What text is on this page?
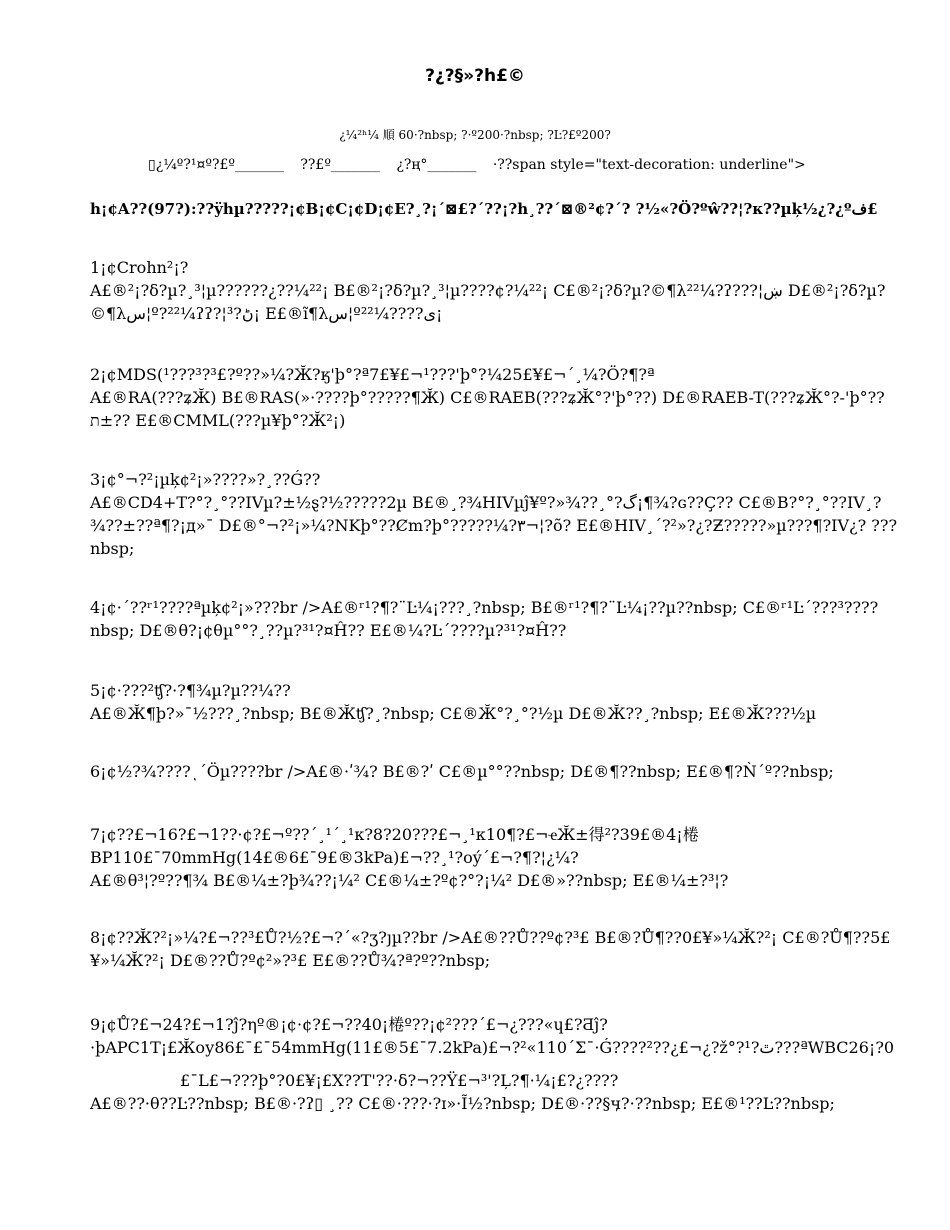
?¿?§»?h£©
¿¼²ʰ¼ 順 60·?nbsp; ?·º200·?nbsp; ?Ŀ?£º200?
▯¿¼º?¹¤º?£º_______ ??£º_______ ¿?ң°_______ ·??span style="text-decoration: underline">
h¡¢A??(97?):??ÿhµ?????¡¢B¡¢C¡¢D¡¢E?¸?¡´⊠£?´??¡?h¸??´⊠®²¢?´? ?½«?Ö?ºŵ??¦?к??µķ½¿?¿ºف£
1¡¢Crohn²¡?
A£®²¡?δ?µ?¸³¦µ??????¿??¼²²¡ B£®²¡?δ?µ?¸³¦µ????¢?¼²²¡ C£®²¡?δ?µ?©¶λ²²¼?ʔ???¦ښ D£®²¡?δ?µ?©¶λس¦º?²²¼ʔʔ?¦³?ڻ¡ E£®ĩ¶λس¦ºﻯ????¼²²¡
2¡¢MDS(¹???³?³£?º??»¼?Ӂ?ӄ'þ°?ª7£¥£¬¹???'þ°?¼25£¥£¬´¸¼?Ö?¶?ª
A£®RA(???ʑӁ) B£®RAS(»·????þ°?????¶Ӂ) C£®RAEB(???ʑӁ°?'þ°??) D£®RAEB-T(???ʑӁ°?-'þ°??ת±?? E£®CMML(???µ¥þ°?Ӂ²¡)
3¡¢°¬?²¡µķ¢²¡»????»?¸??Ǵ??
A£®CD4+T?°?¸°??IVµ?±½ȿ?½?????2µ B£®¸?¾HIVµĵ¥º?»¾??¸°?گ¡¶¾?ɢ??Ç?? C£®B?°?¸°??IV¸?¾??±??ª¶?¡д»¯ D£®°¬?²¡»¼?NKþ°??Ȼm?þ°?????¼?٣¬¦?õ? E£®HIV¸´?²»?¿?Ƶ?????»µ???¶?IV¿? ??? nbsp;
4¡¢·´??ʳ¹????ªµķ¢²¡»???br />A£®ʳ¹?¶?¨Ŀ¼¡???¸?nbsp; B£®ʳ¹?¶?¨Ŀ¼¡??µ??nbsp; C£®ʳ¹Ŀ´???³???? nbsp; D£®θ?¡¢θµ°°?¸??µ?³¹?¤Ĥ?? E£®¼?Ŀ´????µ?³¹?¤Ĥ??
5¡¢·???²ʧ?·?¶¾µ?µ??¼??
A£®Ӂ¶þ?»¯½???¸?nbsp; B£®Ӂʧ?¸?nbsp; C£®Ӂ°?¸°?½µ D£®Ӂ??¸?nbsp; E£®Ӂ???½µ
6¡¢½?¾????ͺ´Öµ????br />A£®·ʹ¾? B£®?ʹ C£®µ°°??nbsp; D£®¶??nbsp; E£®¶?Ǹ´º??nbsp;
7¡¢??£¬16?£¬1??·¢?£¬º??´¸¹´¸¹к?8?20???£¬¸¹к10¶?£¬ҽӁ±得²?39£®4¡棬
BP110£¯70mmHg(14£®6£¯9£®3kPa)£¬??¸¹?оý´£¬?¶?¦¿¼?
A£®θ³¦?º??¶¾ B£®¼±?þ¾??¡¼² C£®¼±?º¢?°?¡¼² D£®»??nbsp; E£®¼±?³¦?
8¡¢??Ӂ?²¡»¼?£¬??³£Ů?½?£¬?´«?ʒ?յµ??br />A£®??Ů??º¢?³£ B£®?Ů¶??0£¥»¼Ӂ?²¡ C£®?Ů¶??5£¥»¼Ӂ?²¡ D£®??Ů?º¢²»?³£ E£®??Ů¾?ª?º??nbsp;
9¡¢Ů?£¬24?£¬1?ĵ?ηº®¡¢·¢?£¬??40¡棬º??¡¢²???´£¬¿???«ɥ£?Ƌĵ?
·þAPC1T¡£Ӂоу86£¯£¯54mmHg(11£®5£¯7.2kPa)£¬?²«110´Σ¯·Ǵ????²??¿£¬¿?ž°?¹?ٿ???ªWBC26¡?0
£¯L£¬???þ°?0£¥¡£X??T'??·δ?¬??Ÿ£¬³'?Ļ?¶·¼¡£?¿????
A£®??·θ??Ŀ??nbsp; B£®·?ʔ▯ ¸?? C£®·???·?ɪ»·Ĩ½?nbsp; D£®·??§ӌ?·??nbsp; E£®¹??Ŀ??nbsp;
